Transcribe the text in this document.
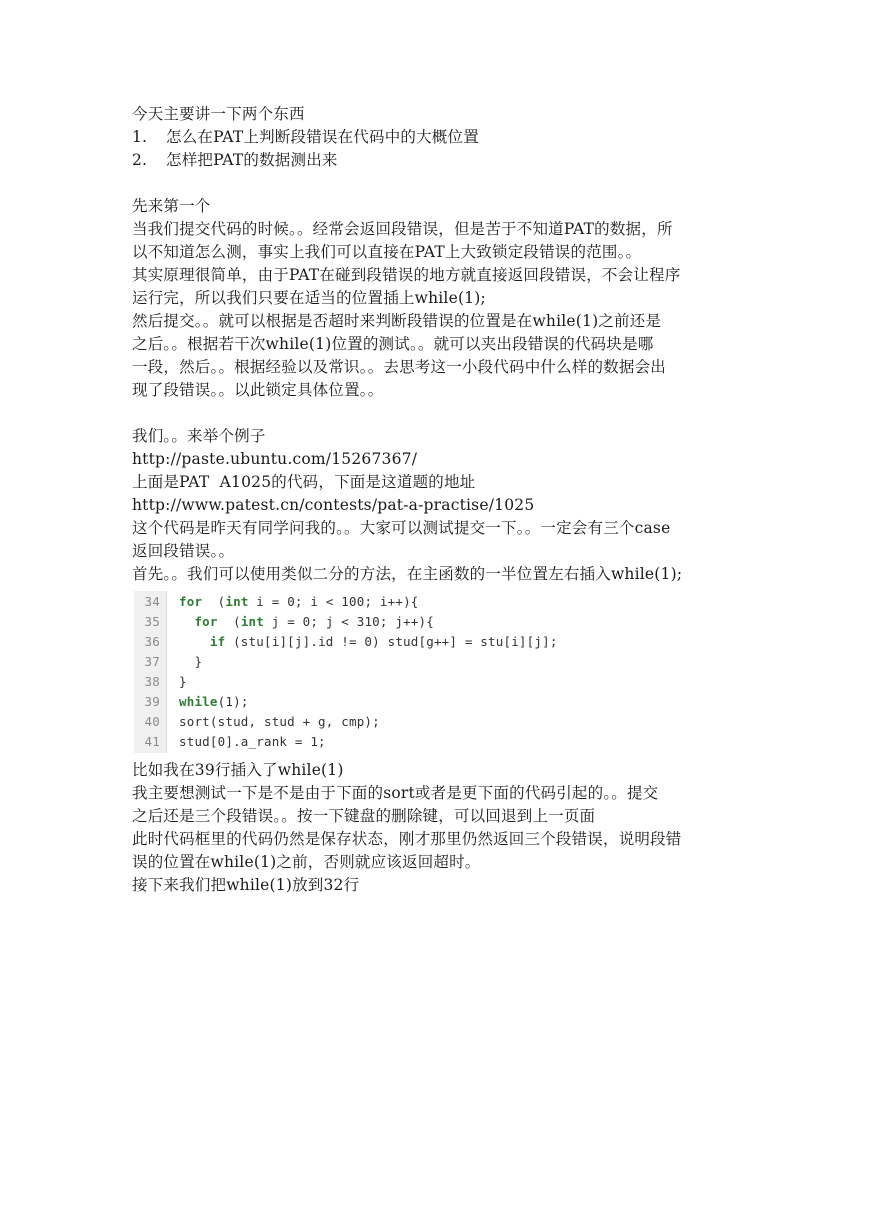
今天主要讲一下两个东西
1.	怎么在PAT上判断段错误在代码中的大概位置
2.	怎样把PAT的数据测出来
先来第一个
当我们提交代码的时候。。经常会返回段错误，但是苦于不知道PAT的数据，所
以不知道怎么测，事实上我们可以直接在PAT上大致锁定段错误的范围。。
其实原理很简单，由于PAT在碰到段错误的地方就直接返回段错误，不会让程序
运行完，所以我们只要在适当的位置插上while(1);
然后提交。。就可以根据是否超时来判断段错误的位置是在while(1)之前还是
之后。。根据若干次while(1)位置的测试。。就可以夹出段错误的代码块是哪
一段，然后。。根据经验以及常识。。去思考这一小段代码中什么样的数据会出
现了段错误。。以此锁定具体位置。。
我们。。来举个例子
http://paste.ubuntu.com/15267367/
上面是PAT  A1025的代码，下面是这道题的地址
http://www.patest.cn/contests/pat-a-practise/1025
这个代码是昨天有同学问我的。。大家可以测试提交一下。。一定会有三个case
返回段错误。。
首先。。我们可以使用类似二分的方法，在主函数的一半位置左右插入while(1);
34 for  (int i = 0; i < 100; i++){
35	for  (int j = 0; j < 310; j++){
36	if (stu[i][j].id != 0) stud[g++] = stu[i][j];
37 }
38 }
39 while(1);
40 sort(stud, stud + g, cmp);
41 stud[0].a_rank = 1;
比如我在39行插入了while(1)
我主要想测试一下是不是由于下面的sort或者是更下面的代码引起的。。提交
之后还是三个段错误。。按一下键盘的删除键，可以回退到上一页面
此时代码框里的代码仍然是保存状态，刚才那里仍然返回三个段错误，说明段错
误的位置在while(1)之前，否则就应该返回超时。
接下来我们把while(1)放到32行
